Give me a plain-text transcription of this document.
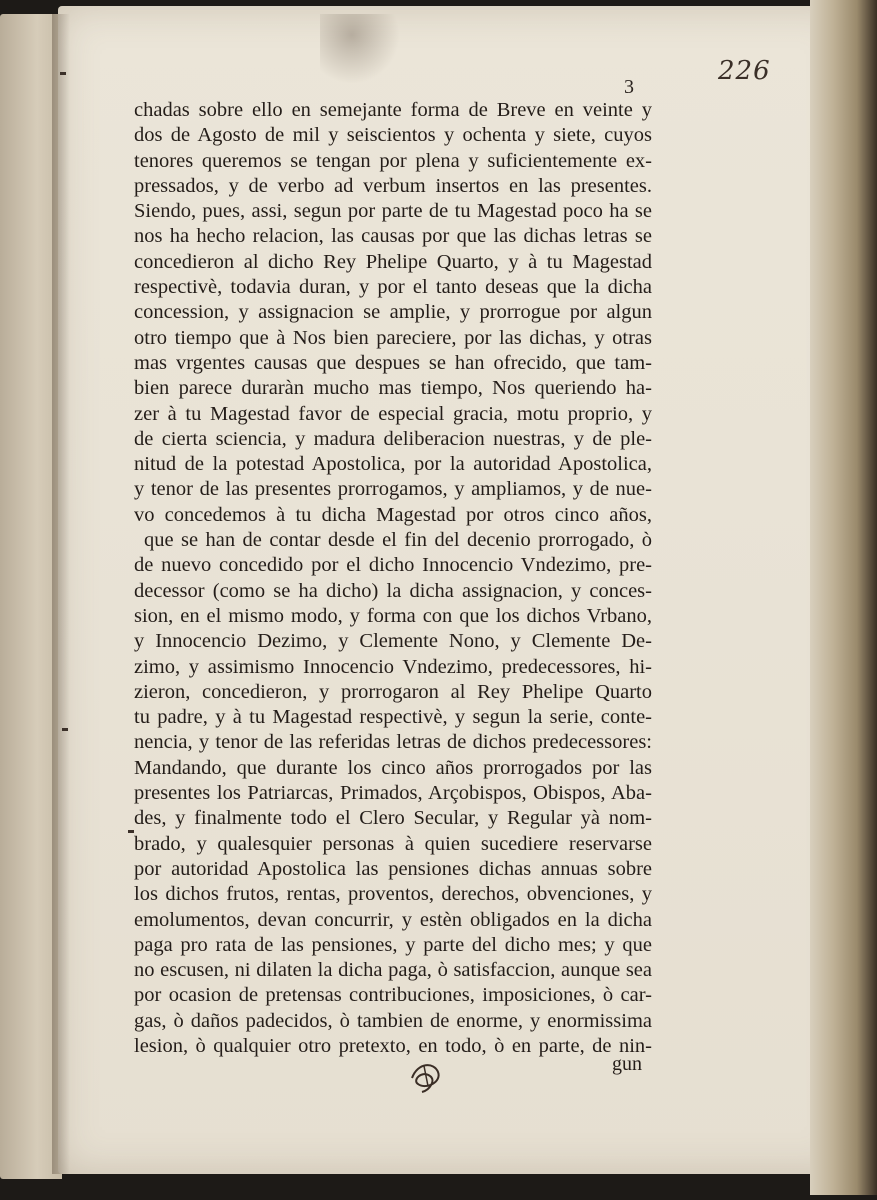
226
3
chadas sobre ello en semejante forma de Breve en veinte y
dos de Agosto de mil y seiscientos y ochenta y siete, cuyos
tenores queremos se tengan por plena y suficientemente ex-
pressados, y de verbo ad verbum insertos en las presentes.
Siendo, pues, assi, segun por parte de tu Magestad poco ha se
nos ha hecho relacion, las causas por que las dichas letras se
concedieron al dicho Rey Phelipe Quarto, y à tu Magestad
respectivè, todavia duran, y por el tanto deseas que la dicha
concession, y assignacion se amplie, y prorrogue por algun
otro tiempo que à Nos bien pareciere, por las dichas, y otras
mas vrgentes causas que despues se han ofrecido, que tam-
bien parece duraràn mucho mas tiempo, Nos queriendo ha-
zer à tu Magestad favor de especial gracia, motu proprio, y
de cierta sciencia, y madura deliberacion nuestras, y de ple-
nitud de la potestad Apostolica, por la autoridad Apostolica,
y tenor de las presentes prorrogamos, y ampliamos, y de nue-
vo concedemos à tu dicha Magestad por otros cinco años,
que se han de contar desde el fin del decenio prorrogado, ò
de nuevo concedido por el dicho Innocencio Vndezimo, pre-
decessor (como se ha dicho) la dicha assignacion, y conces-
sion, en el mismo modo, y forma con que los dichos Vrbano,
y Innocencio Dezimo, y Clemente Nono, y Clemente De-
zimo, y assimismo Innocencio Vndezimo, predecessores, hi-
zieron, concedieron, y prorrogaron al Rey Phelipe Quarto
tu padre, y à tu Magestad respectivè, y segun la serie, conte-
nencia, y tenor de las referidas letras de dichos predecessores:
Mandando, que durante los cinco años prorrogados por las
presentes los Patriarcas, Primados, Arçobispos, Obispos, Aba-
des, y finalmente todo el Clero Secular, y Regular yà nom-
brado, y qualesquier personas à quien sucediere reservarse
por autoridad Apostolica las pensiones dichas annuas sobre
los dichos frutos, rentas, proventos, derechos, obvenciones, y
emolumentos, devan concurrir, y estèn obligados en la dicha
paga pro rata de las pensiones, y parte del dicho mes; y que
no escusen, ni dilaten la dicha paga, ò satisfaccion, aunque sea
por ocasion de pretensas contribuciones, imposiciones, ò car-
gas, ò daños padecidos, ò tambien de enorme, y enormissima
lesion, ò qualquier otro pretexto, en todo, ò en parte, de nin-
gun
